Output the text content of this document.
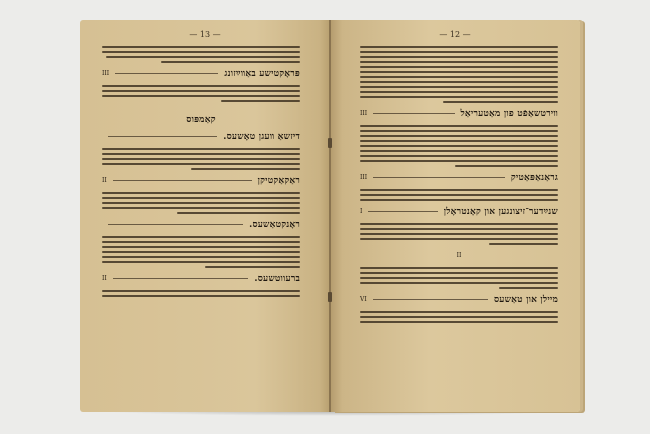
— 13 —
פּראָקטישע באַװײַזונג
III
קאַמפּוס
דיזשאַ װעגן טאָשעס.
ראַקאַקטיקן
II
ראָנקטאַשעס.
ברעווטשעס.
II
— 12 —
װירטשאַפֿט פון מאַטעריאַל
III
גראַנאַפּאַטיק
III
שנײַדער־זיצונגען און קאָנטראָלן
I
II
מיילן און טאַשעס
VI
